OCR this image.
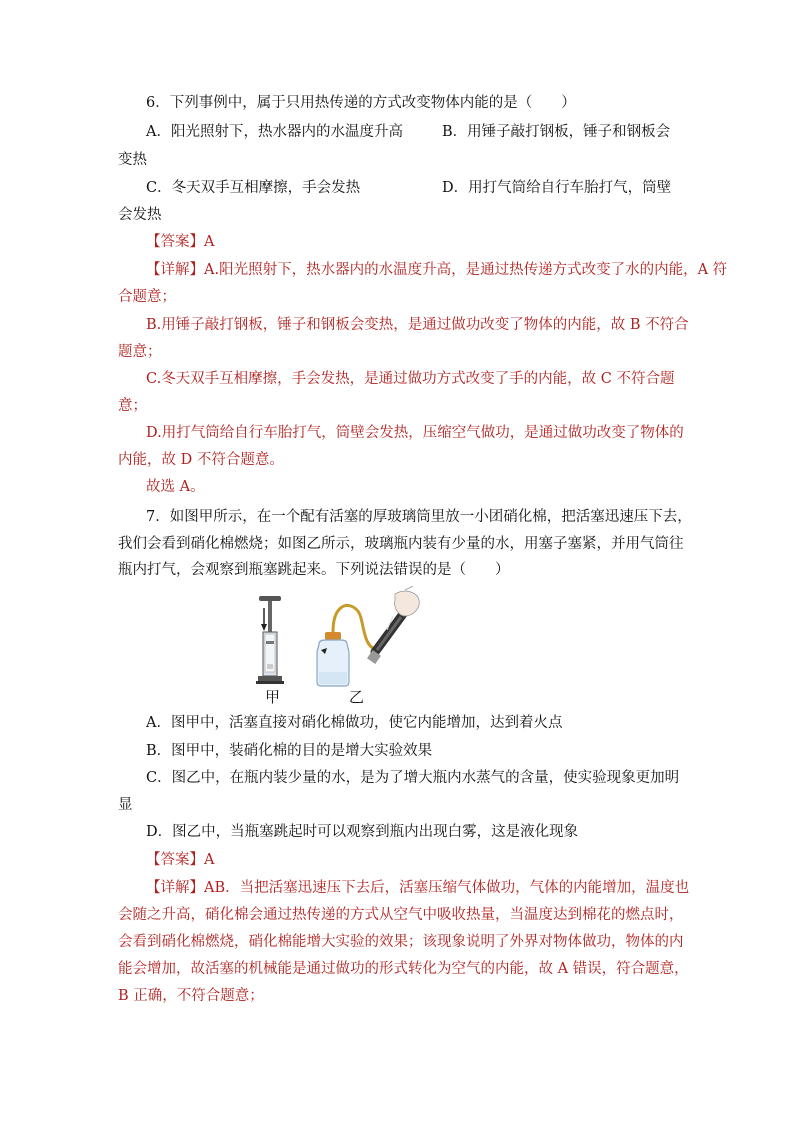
6．下列事例中，属于只用热传递的方式改变物体内能的是（　　）
A．阳光照射下，热水器内的水温度升高	B．用锤子敲打钢板，锤子和钢板会
变热
C．冬天双手互相摩擦，手会发热	D．用打气筒给自行车胎打气，筒壁
会发热
【答案】A
【详解】A.阳光照射下，热水器内的水温度升高，是通过热传递方式改变了水的内能，A 符
合题意；
B.用锤子敲打钢板，锤子和钢板会变热，是通过做功改变了物体的内能，故 B 不符合
题意；
C.冬天双手互相摩擦，手会发热，是通过做功方式改变了手的内能，故 C 不符合题
意；
D.用打气筒给自行车胎打气，筒壁会发热，压缩空气做功，是通过做功改变了物体的
内能，故 D 不符合题意。
故选 A。
7．如图甲所示，在一个配有活塞的厚玻璃筒里放一小团硝化棉，把活塞迅速压下去，
我们会看到硝化棉燃烧；如图乙所示，玻璃瓶内装有少量的水，用塞子塞紧，并用气筒往
瓶内打气，会观察到瓶塞跳起来。下列说法错误的是（　　）
甲	乙
A．图甲中，活塞直接对硝化棉做功，使它内能增加，达到着火点
B．图甲中，装硝化棉的目的是增大实验效果
C．图乙中，在瓶内装少量的水，是为了增大瓶内水蒸气的含量，使实验现象更加明
显
D．图乙中，当瓶塞跳起时可以观察到瓶内出现白雾，这是液化现象
【答案】A
【详解】AB．当把活塞迅速压下去后，活塞压缩气体做功，气体的内能增加，温度也
会随之升高，硝化棉会通过热传递的方式从空气中吸收热量，当温度达到棉花的燃点时，
会看到硝化棉燃烧，硝化棉能增大实验的效果；该现象说明了外界对物体做功，物体的内
能会增加，故活塞的机械能是通过做功的形式转化为空气的内能，故 A 错误，符合题意，
B 正确，不符合题意；
